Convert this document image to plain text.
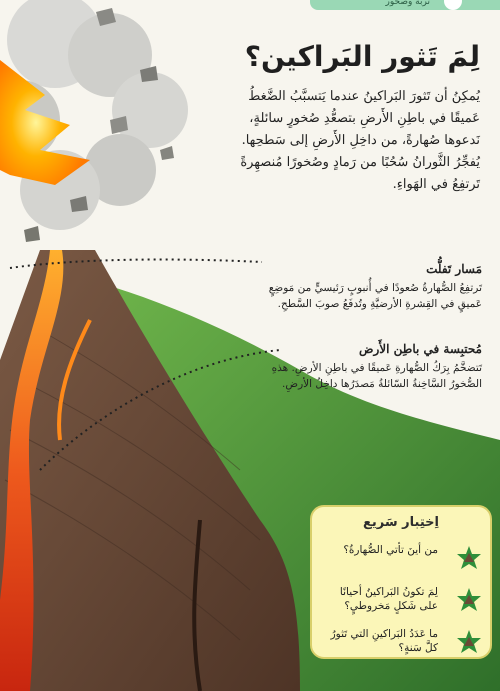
ﺗﺮﺑﺔ ﻭﺻﺨﻮﺭ
لِمَ تَثور البَراكين؟
يُمكِنُ أن تَثورَ البَراكينُ عندما يَتسبَّبُ الضَّغطُ عَميقًا في باطِنِ الأَرضِ بتصعُّدِ صُخورٍ سائلةٍ، نَدعوها صُهارةً، من داخِلِ الأَرضِ إلى سَطحِها. يُفجِّرُ الثَّورانُ سُحُبًا من رَمادٍ وصُخورًا مُنصهِرةً تَرتفِعُ في الهَواءِ.
مَسار تَفلُّت
تَرتفِعُ الصُّهارةُ صُعودًا في أُنبوبٍ رَئيسيٍّ من مَوضِعٍ عَميقٍ في القِشرةِ الأرضيَّةِ وتُدفَعُ صوبَ السَّطحِ.
مُحتبِسة في باطِن الأَرض
تَتضخَّمُ بِرَكُ الصُّهارةِ عَميقًا في باطِنِ الأرضِ. هذهِ الصُّخورُ السَّاخِنةُ السّائلةُ مَصدَرُها داخِلُ الأرضِ.
اِختِبار سَريع
من أينَ تأتي الصُّهارةُ؟
لِمَ تكونُ البَراكينُ أحيانًا على شَكلٍ مَخروطيٍ؟
ما عَدَدُ البَراكينِ التي تَثورُ كلَّ سَنةٍ؟
